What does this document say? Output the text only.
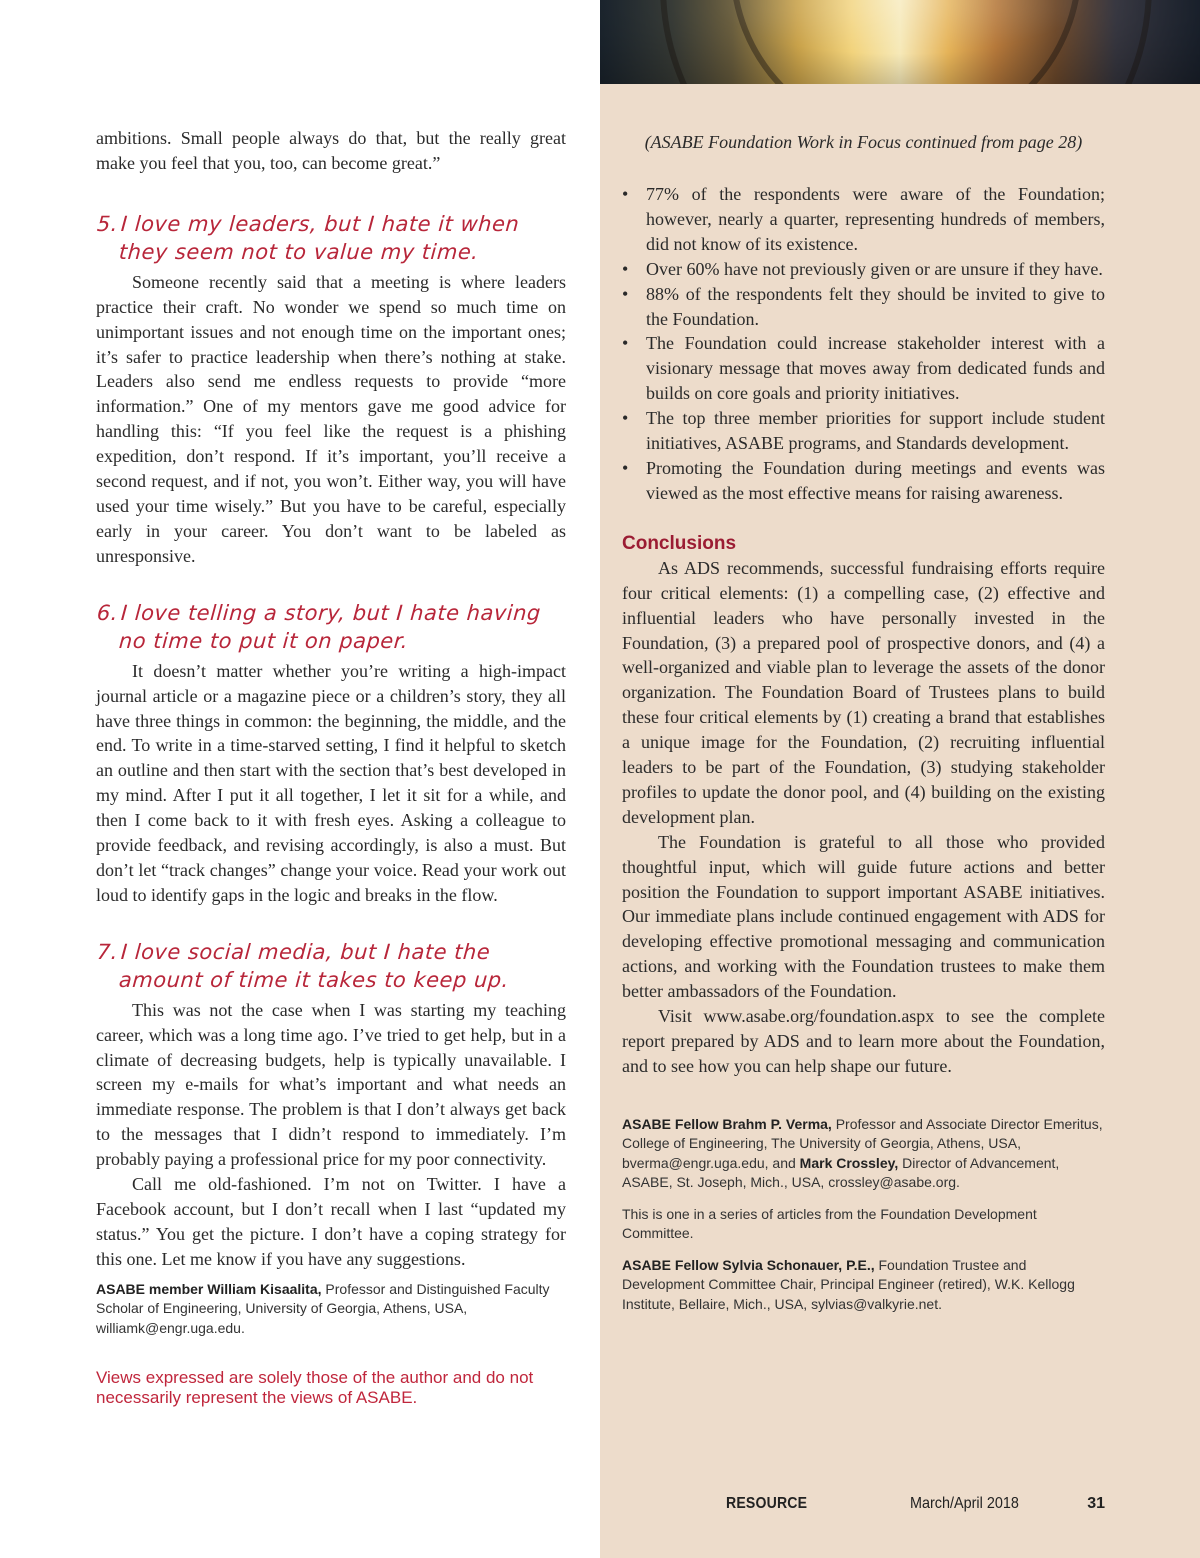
ambitions. Small people always do that, but the really great make you feel that you, too, can become great.”

5.I love my leaders, but I hate it when they seem not to value my time.

Someone recently said that a meeting is where leaders practice their craft. No wonder we spend so much time on unimportant issues and not enough time on the important ones; it’s safer to practice leadership when there’s nothing at stake. Leaders also send me endless requests to provide “more information.” One of my mentors gave me good advice for handling this: “If you feel like the request is a phishing expedition, don’t respond. If it’s important, you’ll receive a second request, and if not, you won’t. Either way, you will have used your time wisely.” But you have to be careful, especially early in your career. You don’t want to be labeled as unresponsive.

6.I love telling a story, but I hate having no time to put it on paper.

It doesn’t matter whether you’re writing a high-impact journal article or a magazine piece or a children’s story, they all have three things in common: the beginning, the middle, and the end. To write in a time-starved setting, I find it helpful to sketch an outline and then start with the section that’s best developed in my mind. After I put it all together, I let it sit for a while, and then I come back to it with fresh eyes. Asking a colleague to provide feedback, and revising accordingly, is also a must. But don’t let “track changes” change your voice. Read your work out loud to identify gaps in the logic and breaks in the flow.

7.I love social media, but I hate the amount of time it takes to keep up.

This was not the case when I was starting my teaching career, which was a long time ago. I’ve tried to get help, but in a climate of decreasing budgets, help is typically unavailable. I screen my e-mails for what’s important and what needs an immediate response. The problem is that I don’t always get back to the messages that I didn’t respond to immediately. I’m probably paying a professional price for my poor connectivity.

Call me old-fashioned. I’m not on Twitter. I have a Facebook account, but I don’t recall when I last “updated my status.” You get the picture. I don’t have a coping strategy for this one. Let me know if you have any suggestions.

ASABE member William Kisaalita, Professor and Distinguished Faculty Scholar of Engineering, University of Georgia, Athens, USA, williamk@engr.uga.edu.

Views expressed are solely those of the author and do not necessarily represent the views of ASABE.
(ASABE Foundation Work in Focus continued from page 28)
• 77% of the respondents were aware of the Foundation; however, nearly a quarter, representing hundreds of members, did not know of its existence.
• Over 60% have not previously given or are unsure if they have.
• 88% of the respondents felt they should be invited to give to the Foundation.
• The Foundation could increase stakeholder interest with a visionary message that moves away from dedicated funds and builds on core goals and priority initiatives.
• The top three member priorities for support include student initiatives, ASABE programs, and Standards development.
• Promoting the Foundation during meetings and events was viewed as the most effective means for raising awareness.
Conclusions

As ADS recommends, successful fundraising efforts require four critical elements: (1) a compelling case, (2) effective and influential leaders who have personally invested in the Foundation, (3) a prepared pool of prospective donors, and (4) a well-organized and viable plan to leverage the assets of the donor organization. The Foundation Board of Trustees plans to build these four critical elements by (1) creating a brand that establishes a unique image for the Foundation, (2) recruiting influential leaders to be part of the Foundation, (3) studying stakeholder profiles to update the donor pool, and (4) building on the existing development plan.

The Foundation is grateful to all those who provided thoughtful input, which will guide future actions and better position the Foundation to support important ASABE initiatives. Our immediate plans include continued engagement with ADS for developing effective promotional messaging and communication actions, and working with the Foundation trustees to make them better ambassadors of the Foundation.

Visit www.asabe.org/foundation.aspx to see the complete report prepared by ADS and to learn more about the Foundation, and to see how you can help shape our future.

ASABE Fellow Brahm P. Verma, Professor and Associate Director Emeritus, College of Engineering, The University of Georgia, Athens, USA, bverma@engr.uga.edu, and Mark Crossley, Director of Advancement, ASABE, St. Joseph, Mich., USA, crossley@asabe.org.

This is one in a series of articles from the Foundation Development Committee.

ASABE Fellow Sylvia Schonauer, P.E., Foundation Trustee and Development Committee Chair, Principal Engineer (retired), W.K. Kellogg Institute, Bellaire, Mich., USA, sylvias@valkyrie.net.

RESOURCE	March/April 2018	31
